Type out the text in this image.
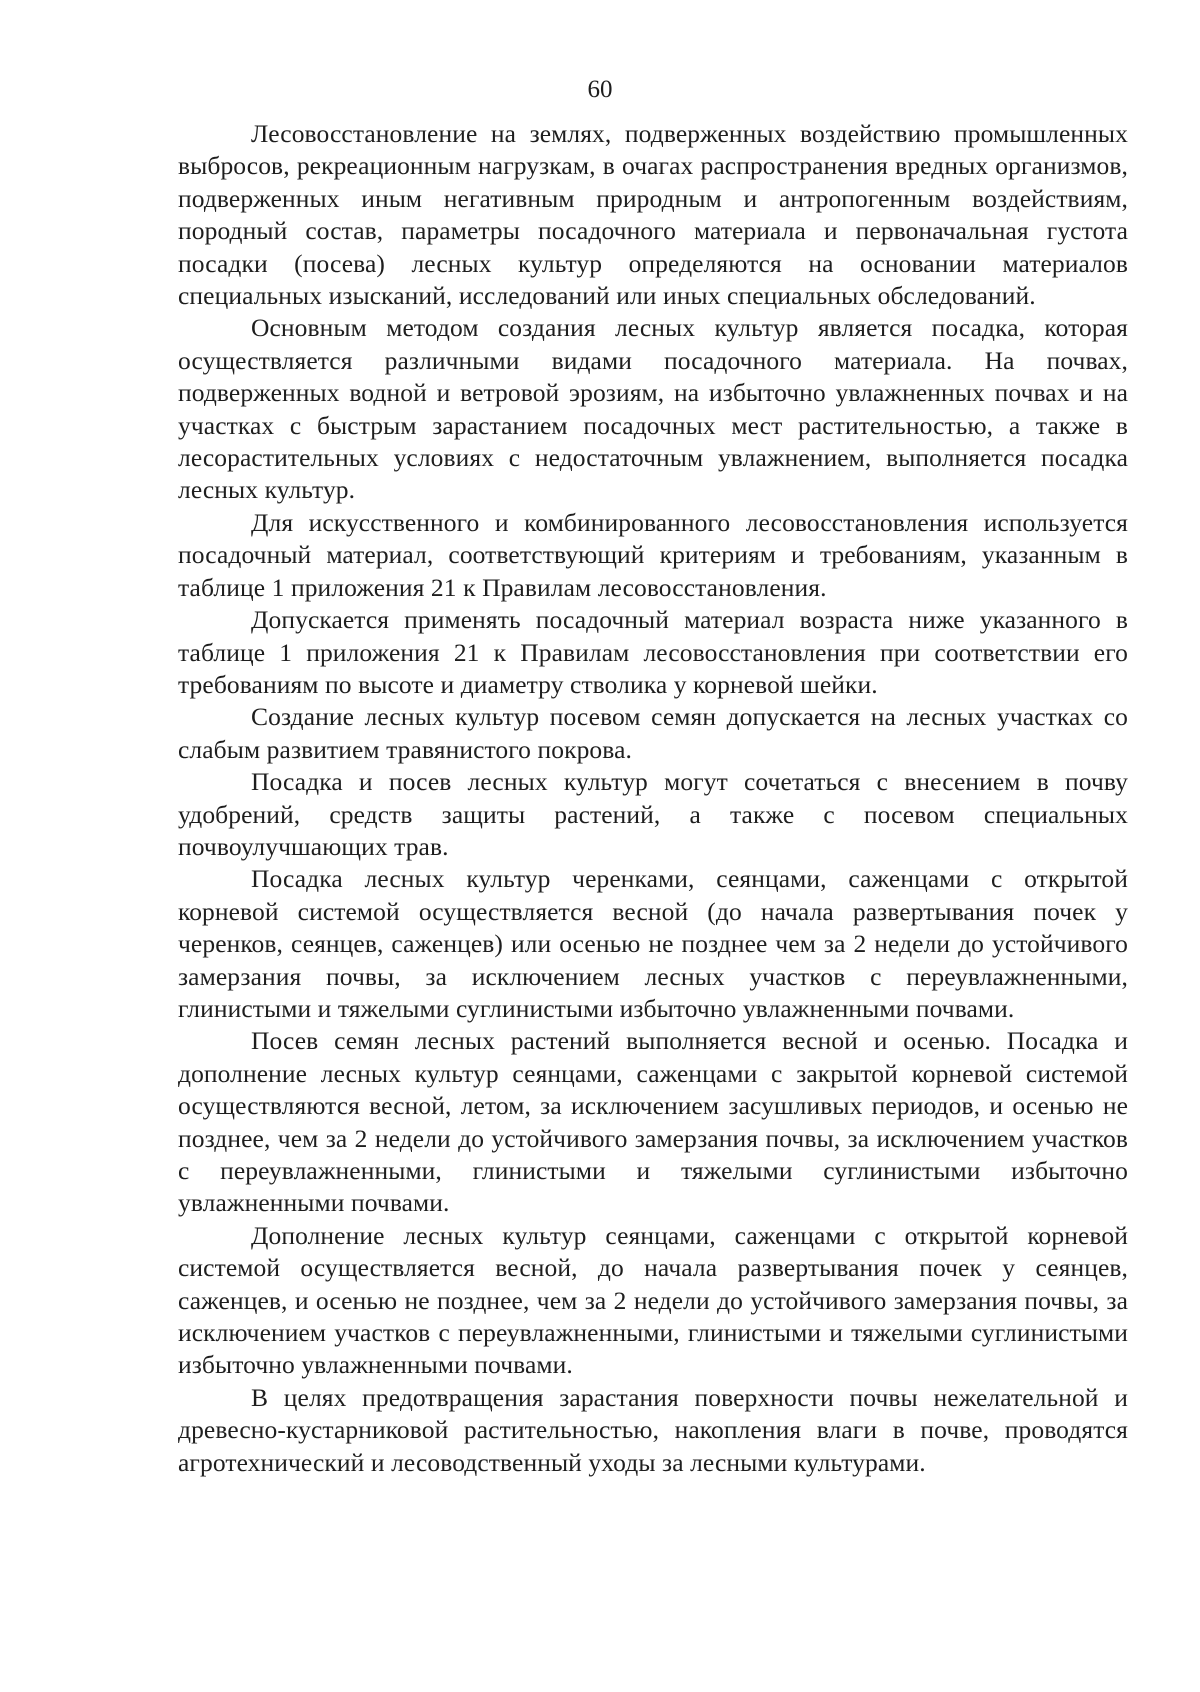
60

Лесовосстановление на землях, подверженных воздействию промышленных выбросов, рекреационным нагрузкам, в очагах распространения вредных организмов, подверженных иным негативным природным и антропогенным воздействиям, породный состав, параметры посадочного материала и первоначальная густота посадки (посева) лесных культур определяются на основании материалов специальных изысканий, исследований или иных специальных обследований.

Основным методом создания лесных культур является посадка, которая осуществляется различными видами посадочного материала. На почвах, подверженных водной и ветровой эрозиям, на избыточно увлажненных почвах и на участках с быстрым зарастанием посадочных мест растительностью, а также в лесорастительных условиях с недостаточным увлажнением, выполняется посадка лесных культур.

Для искусственного и комбинированного лесовосстановления используется посадочный материал, соответствующий критериям и требованиям, указанным в таблице 1 приложения 21 к Правилам лесовосстановления.

Допускается применять посадочный материал возраста ниже указанного в таблице 1 приложения 21 к Правилам лесовосстановления при соответствии его требованиям по высоте и диаметру стволика у корневой шейки.

Создание лесных культур посевом семян допускается на лесных участках со слабым развитием травянистого покрова.

Посадка и посев лесных культур могут сочетаться с внесением в почву удобрений, средств защиты растений, а также с посевом специальных почвоулучшающих трав.

Посадка лесных культур черенками, сеянцами, саженцами с открытой корневой системой осуществляется весной (до начала развертывания почек у черенков, сеянцев, саженцев) или осенью не позднее чем за 2 недели до устойчивого замерзания почвы, за исключением лесных участков с переувлажненными, глинистыми и тяжелыми суглинистыми избыточно увлажненными почвами.

Посев семян лесных растений выполняется весной и осенью. Посадка и дополнение лесных культур сеянцами, саженцами с закрытой корневой системой осуществляются весной, летом, за исключением засушливых периодов, и осенью не позднее, чем за 2 недели до устойчивого замерзания почвы, за исключением участков с переувлажненными, глинистыми и тяжелыми суглинистыми избыточно увлажненными почвами.

Дополнение лесных культур сеянцами, саженцами с открытой корневой системой осуществляется весной, до начала развертывания почек у сеянцев, саженцев, и осенью не позднее, чем за 2 недели до устойчивого замерзания почвы, за исключением участков с переувлажненными, глинистыми и тяжелыми суглинистыми избыточно увлажненными почвами.

В целях предотвращения зарастания поверхности почвы нежелательной и древесно-кустарниковой растительностью, накопления влаги в почве, проводятся агротехнический и лесоводственный уходы за лесными культурами.
